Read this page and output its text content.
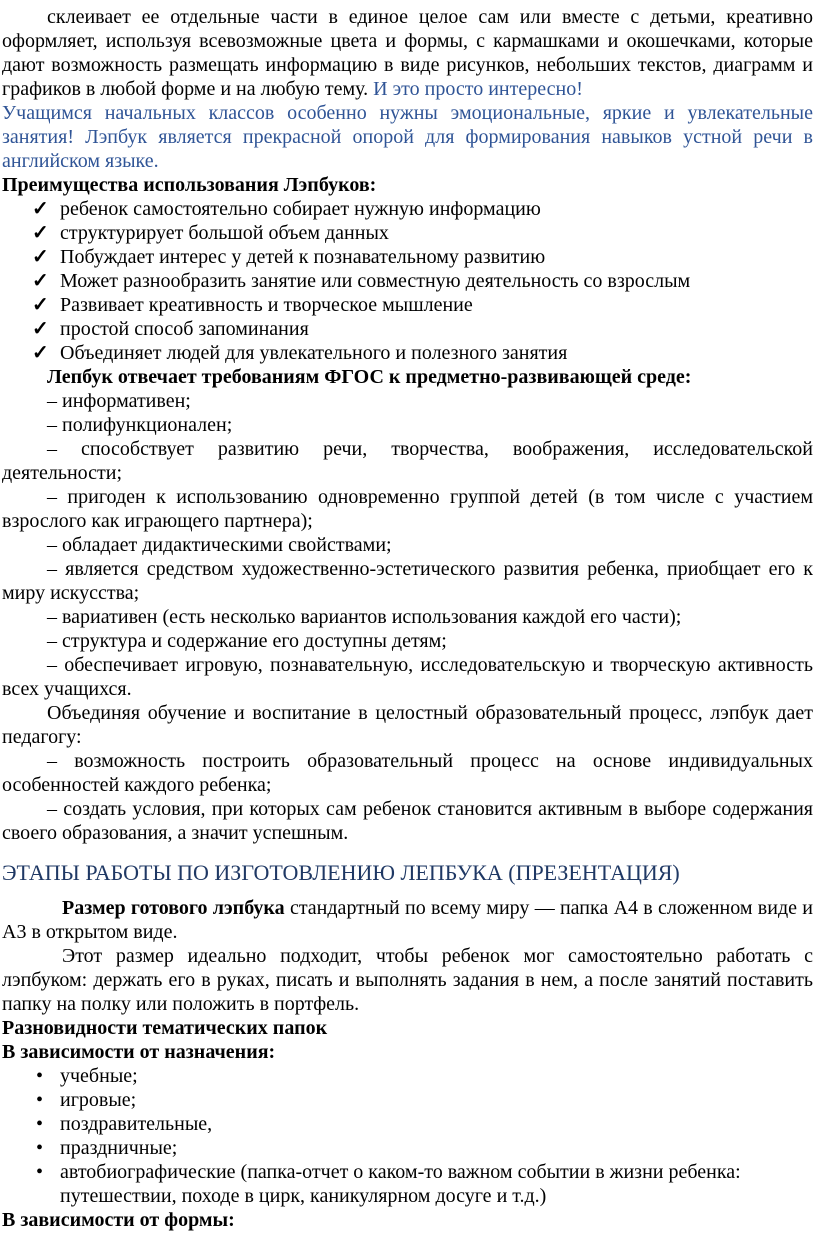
склеивает ее отдельные части в единое целое сам или вместе с детьми, креативно оформляет, используя всевозможные цвета и формы, с кармашками и окошечками, которые дают возможность размещать информацию в виде рисунков, небольших текстов, диаграмм и графиков в любой форме и на любую тему. И это просто интересно!

Учащимся начальных классов особенно нужны эмоциональные, яркие и увлекательные занятия! Лэпбук является прекрасной опорой для формирования навыков устной речи в английском языке.

Преимущества использования Лэпбуков:

✓ ребенок самостоятельно собирает нужную информацию
✓ структурирует большой объем данных
✓ Побуждает интерес у детей к познавательному развитию
✓ Может разнообразить занятие или совместную деятельность со взрослым
✓ Развивает креативность и творческое мышление
✓ простой способ запоминания
✓ Объединяет людей для увлекательного и полезного занятия

Лепбук отвечает требованиям ФГОС к предметно-развивающей среде:

– информативен;

– полифункционален;

– способствует развитию речи, творчества, воображения, исследовательской деятельности;

– пригоден к использованию одновременно группой детей (в том числе с участием взрослого как играющего партнера);

– обладает дидактическими свойствами;

– является средством художественно-эстетического развития ребенка, приобщает его к миру искусства;

– вариативен (есть несколько вариантов использования каждой его части);

– структура и содержание его доступны детям;

– обеспечивает игровую, познавательную, исследовательскую и творческую активность всех учащихся.

Объединяя обучение и воспитание в целостный образовательный процесс, лэпбук дает педагогу:

– возможность построить образовательный процесс на основе индивидуальных особенностей каждого ребенка;

– создать условия, при которых сам ребенок становится активным в выборе содержания своего образования, а значит успешным.

ЭТАПЫ РАБОТЫ ПО ИЗГОТОВЛЕНИЮ ЛЕПБУКА (ПРЕЗЕНТАЦИЯ)

Размер готового лэпбука стандартный по всему миру — папка А4 в сложенном виде и А3 в открытом виде.

Этот размер идеально подходит, чтобы ребенок мог самостоятельно работать с лэпбуком: держать его в руках, писать и выполнять задания в нем, а после занятий поставить папку на полку или положить в портфель.

Разновидности тематических папок

В зависимости от назначения:

• учебные;
• игровые;
• поздравительные,
• праздничные;
• автобиографические (папка-отчет о каком-то важном событии в жизни ребенка: путешествии, походе в цирк, каникулярном досуге и т.д.)

В зависимости от формы:
